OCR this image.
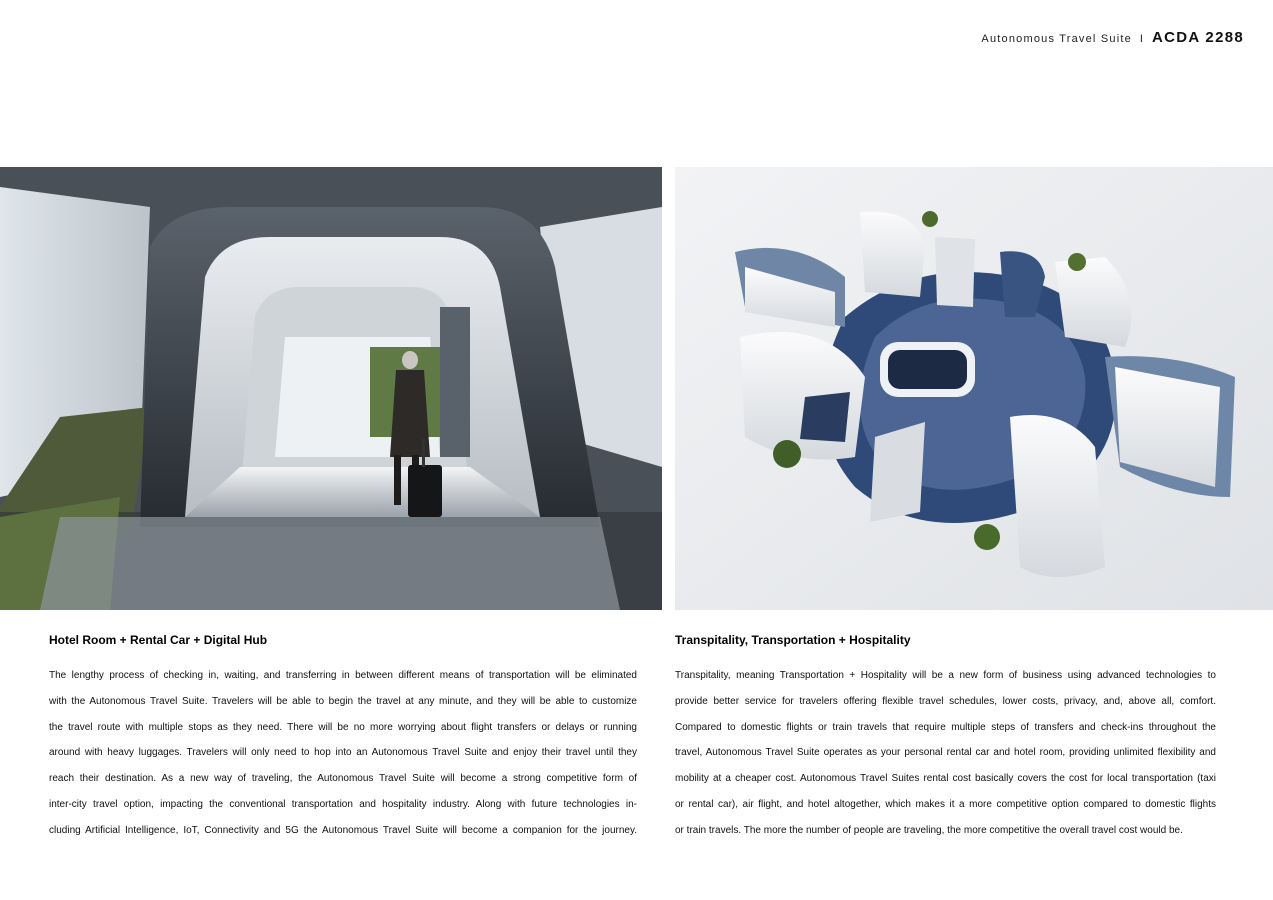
Autonomous Travel Suite I ACDA 2288
Hotel Room + Rental Car + Digital Hub

The lengthy process of checking in, waiting, and transferring in between different means of transportation will be eliminated
with the Autonomous Travel Suite. Travelers will be able to begin the travel at any minute, and they will be able to customize
the travel route with multiple stops as they need. There will be no more worrying about flight transfers or delays or running
around with heavy luggages. Travelers will only need to hop into an Autonomous Travel Suite and enjoy their travel until they
reach their destination. As a new way of traveling, the Autonomous Travel Suite will become a strong competitive form of
inter-city travel option, impacting the conventional transportation and hospitality industry. Along with future technologies in-
cluding Artificial Intelligence, IoT, Connectivity and 5G the Autonomous Travel Suite will become a companion for the journey.

Transpitality, Transportation + Hospitality

Transpitality, meaning Transportation + Hospitality will be a new form of business using advanced technologies to
provide better service for travelers offering flexible travel schedules, lower costs, privacy, and, above all, comfort.
Compared to domestic flights or train travels that require multiple steps of transfers and check-ins throughout the
travel, Autonomous Travel Suite operates as your personal rental car and hotel room, providing unlimited flexibility and
mobility at a cheaper cost. Autonomous Travel Suites rental cost basically covers the cost for local transportation (taxi
or rental car), air flight, and hotel altogether, which makes it a more competitive option compared to domestic flights
or train travels. The more the number of people are traveling, the more competitive the overall travel cost would be.
